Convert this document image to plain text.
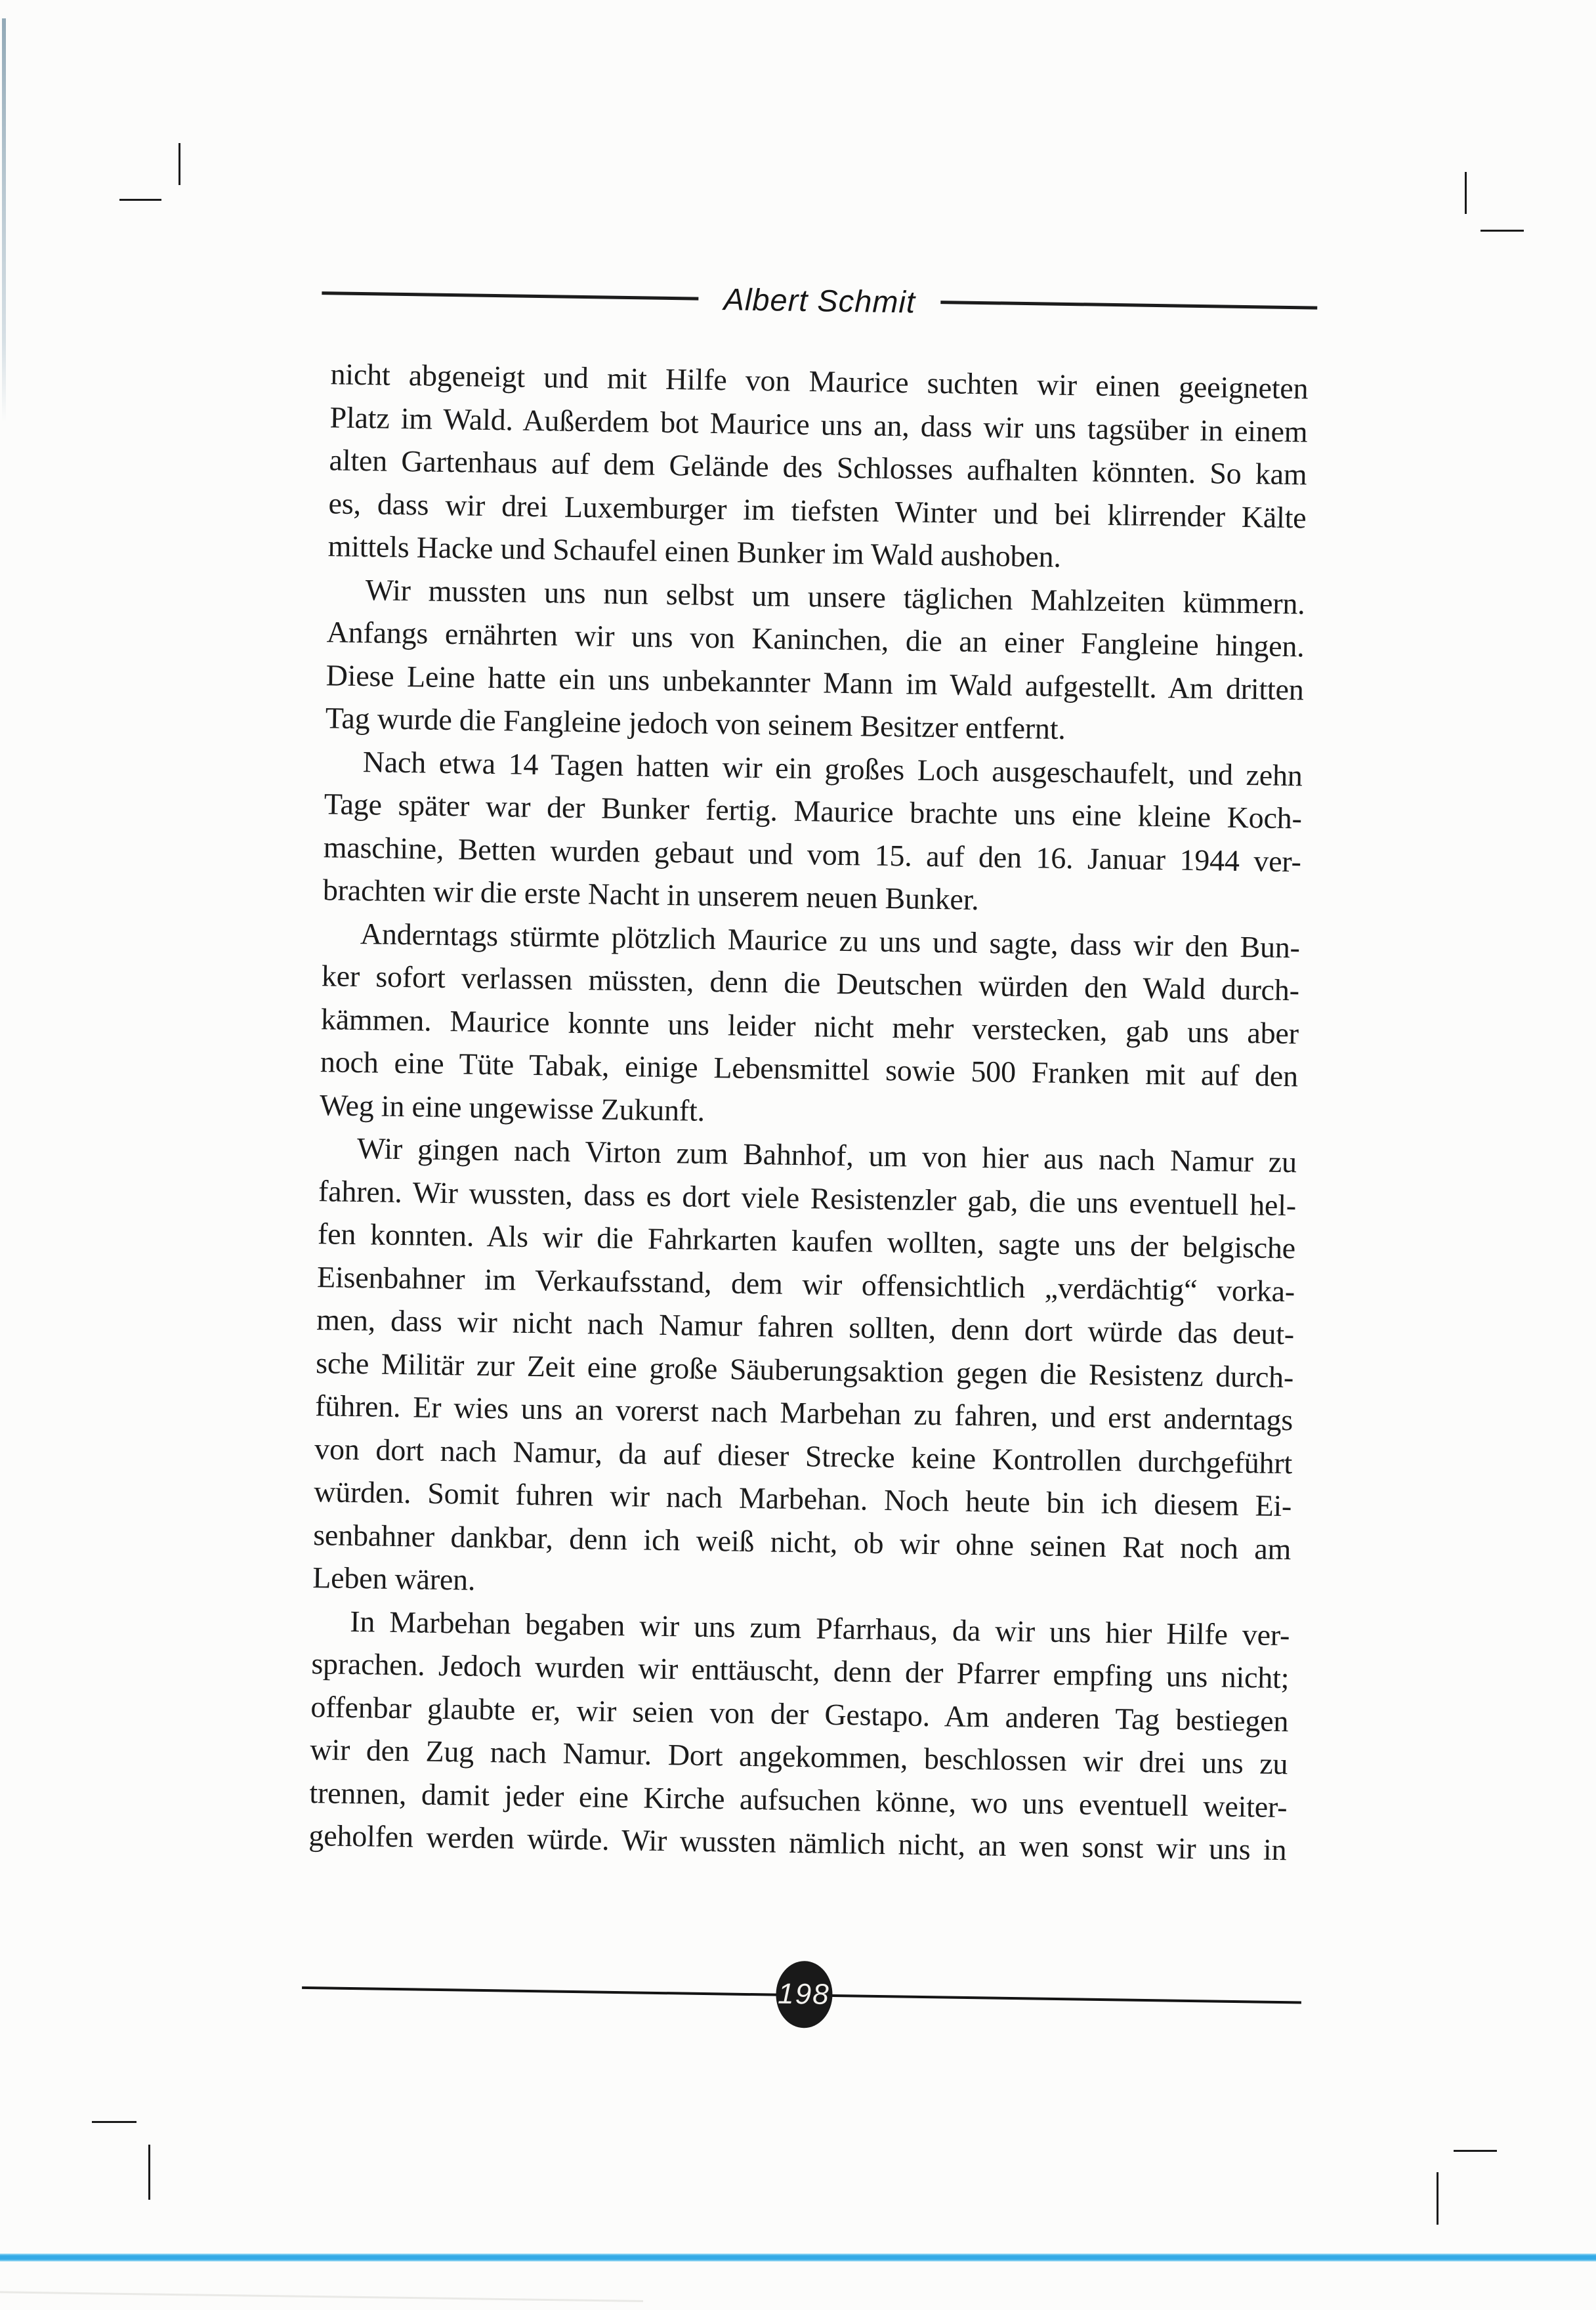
Albert Schmit
nicht abgeneigt und mit Hilfe von Maurice suchten wir einen geeigneten
Platz im Wald. Außerdem bot Maurice uns an, dass wir uns tagsüber in einem
alten Gartenhaus auf dem Gelände des Schlosses aufhalten könnten. So kam
es, dass wir drei Luxemburger im tiefsten Winter und bei klirrender Kälte
mittels Hacke und Schaufel einen Bunker im Wald aushoben.
Wir mussten uns nun selbst um unsere täglichen Mahlzeiten kümmern.
Anfangs ernährten wir uns von Kaninchen, die an einer Fangleine hingen.
Diese Leine hatte ein uns unbekannter Mann im Wald aufgestellt. Am dritten
Tag wurde die Fangleine jedoch von seinem Besitzer entfernt.
Nach etwa 14 Tagen hatten wir ein großes Loch ausgeschaufelt, und zehn
Tage später war der Bunker fertig. Maurice brachte uns eine kleine Koch-
maschine, Betten wurden gebaut und vom 15. auf den 16. Januar 1944 ver-
brachten wir die erste Nacht in unserem neuen Bunker.
Anderntags stürmte plötzlich Maurice zu uns und sagte, dass wir den Bun-
ker sofort verlassen müssten, denn die Deutschen würden den Wald durch-
kämmen. Maurice konnte uns leider nicht mehr verstecken, gab uns aber
noch eine Tüte Tabak, einige Lebensmittel sowie 500 Franken mit auf den
Weg in eine ungewisse Zukunft.
Wir gingen nach Virton zum Bahnhof, um von hier aus nach Namur zu
fahren. Wir wussten, dass es dort viele Resistenzler gab, die uns eventuell hel-
fen konnten. Als wir die Fahrkarten kaufen wollten, sagte uns der belgische
Eisenbahner im Verkaufsstand, dem wir offensichtlich „verdächtig“ vorka-
men, dass wir nicht nach Namur fahren sollten, denn dort würde das deut-
sche Militär zur Zeit eine große Säuberungsaktion gegen die Resistenz durch-
führen. Er wies uns an vorerst nach Marbehan zu fahren, und erst anderntags
von dort nach Namur, da auf dieser Strecke keine Kontrollen durchgeführt
würden. Somit fuhren wir nach Marbehan. Noch heute bin ich diesem Ei-
senbahner dankbar, denn ich weiß nicht, ob wir ohne seinen Rat noch am
Leben wären.
In Marbehan begaben wir uns zum Pfarrhaus, da wir uns hier Hilfe ver-
sprachen. Jedoch wurden wir enttäuscht, denn der Pfarrer empfing uns nicht;
offenbar glaubte er, wir seien von der Gestapo. Am anderen Tag bestiegen
wir den Zug nach Namur. Dort angekommen, beschlossen wir drei uns zu
trennen, damit jeder eine Kirche aufsuchen könne, wo uns eventuell weiter-
geholfen werden würde. Wir wussten nämlich nicht, an wen sonst wir uns in
198
